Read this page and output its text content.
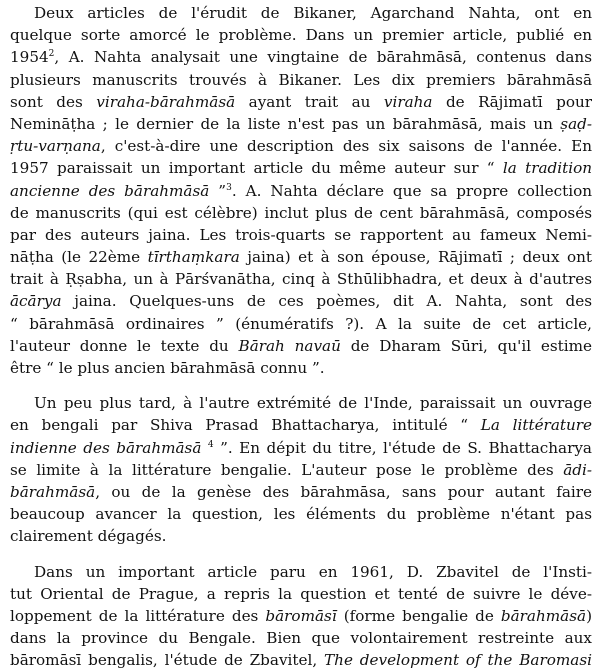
Deux articles de l'érudit de Bikaner, Agarchand Nahta, ont en
quelque sorte amorcé le problème. Dans un premier article, publié en
1954$^2$, A. Nahta analysait une vingtaine de bārahmāsā, contenus dans
plusieurs manuscrits trouvés à Bikaner. Les dix premiers bārahmāsā
sont des viraha-bārahmāsā ayant trait au viraha de Rājimatī pour
Nemināṭha ; le dernier de la liste n'est pas un bārahmāsā, mais un ṣaḍ-
ṛtu-varṇana, c'est-à-dire une description des six saisons de l'année. En
1957 paraissait un important article du même auteur sur “ la tradition
ancienne des bārahmāsā ”$^3$. A. Nahta déclare que sa propre collection
de manuscrits (qui est célèbre) inclut plus de cent bārahmāsā, composés
par des auteurs jaina. Les trois-quarts se rapportent au fameux Nemi-
nāṭha (le 22ème tīrthaṃkara jaina) et à son épouse, Rājimatī ; deux ont
trait à Ṛṣabha, un à Pārśvanātha, cinq à Sthūlibhadra, et deux à d'autres
ācārya jaina. Quelques-uns de ces poèmes, dit A. Nahta, sont des
“ bārahmāsā ordinaires ” (énumératifs ?). A la suite de cet article,
l'auteur donne le texte du Bārah navaū de Dharam Sūri, qu'il estime
être “ le plus ancien bārahmāsā connu ”.
Un peu plus tard, à l'autre extrémité de l'Inde, paraissait un ouvrage
en bengali par Shiva Prasad Bhattacharya, intitulé “ La littérature
indienne des bārahmāsā $^4$ ”. En dépit du titre, l'étude de S. Bhattacharya
se limite à la littérature bengalie. L'auteur pose le problème des ādi-
bārahmāsā, ou de la genèse des bārahmāsa, sans pour autant faire
beaucoup avancer la question, les éléments du problème n'étant pas
clairement dégagés.
Dans un important article paru en 1961, D. Zbavitel de l'Insti-
tut Oriental de Prague, a repris la question et tenté de suivre le déve-
loppement de la littérature des bāromāsī (forme bengalie de bārahmāsā)
dans la province du Bengale. Bien que volontairement restreinte aux
bāromāsī bengalis, l'étude de Zbavitel, The development of the Baromasi
